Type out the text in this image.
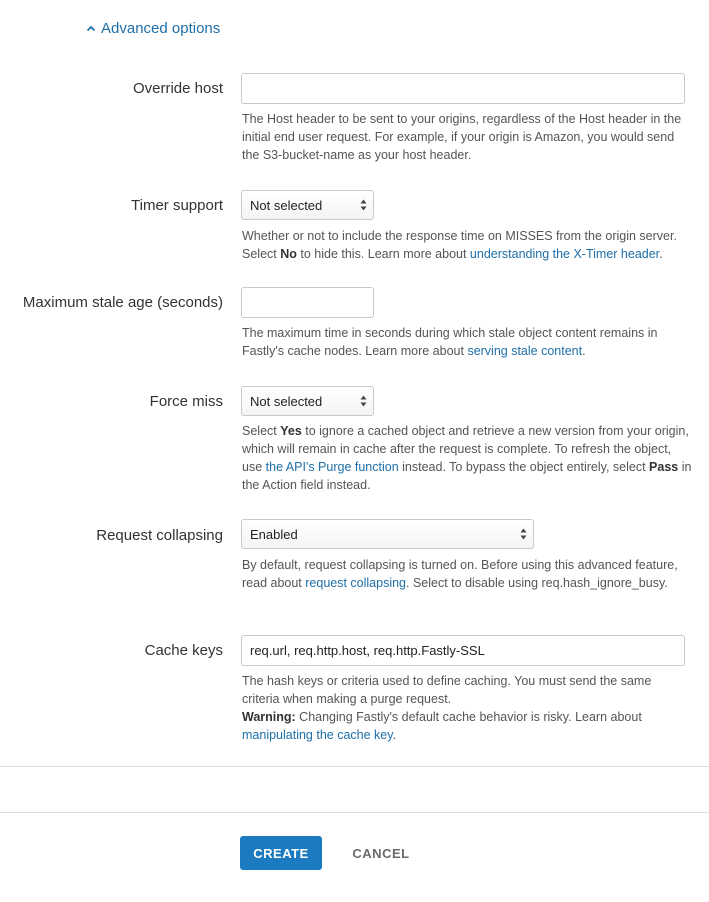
Advanced options
Override host
The Host header to be sent to your origins, regardless of the Host header in the initial end user request. For example, if your origin is Amazon, you would send the S3-bucket-name as your host header.
Timer support Not selected
Whether or not to include the response time on MISSES from the origin server. Select No to hide this. Learn more about understanding the X-Timer header.
Maximum stale age (seconds)
The maximum time in seconds during which stale object content remains in Fastly's cache nodes. Learn more about serving stale content.
Force miss Not selected
Select Yes to ignore a cached object and retrieve a new version from your origin, which will remain in cache after the request is complete. To refresh the object, use the API's Purge function instead. To bypass the object entirely, select Pass in the Action field instead.
Request collapsing Enabled
By default, request collapsing is turned on. Before using this advanced feature, read about request collapsing. Select to disable using req.hash_ignore_busy.
Cache keys	req.url, req.http.host, req.http.Fastly-SSL
The hash keys or criteria used to define caching. You must send the same criteria when making a purge request.
Warning: Changing Fastly's default cache behavior is risky. Learn about manipulating the cache key.
CREATE	CANCEL
